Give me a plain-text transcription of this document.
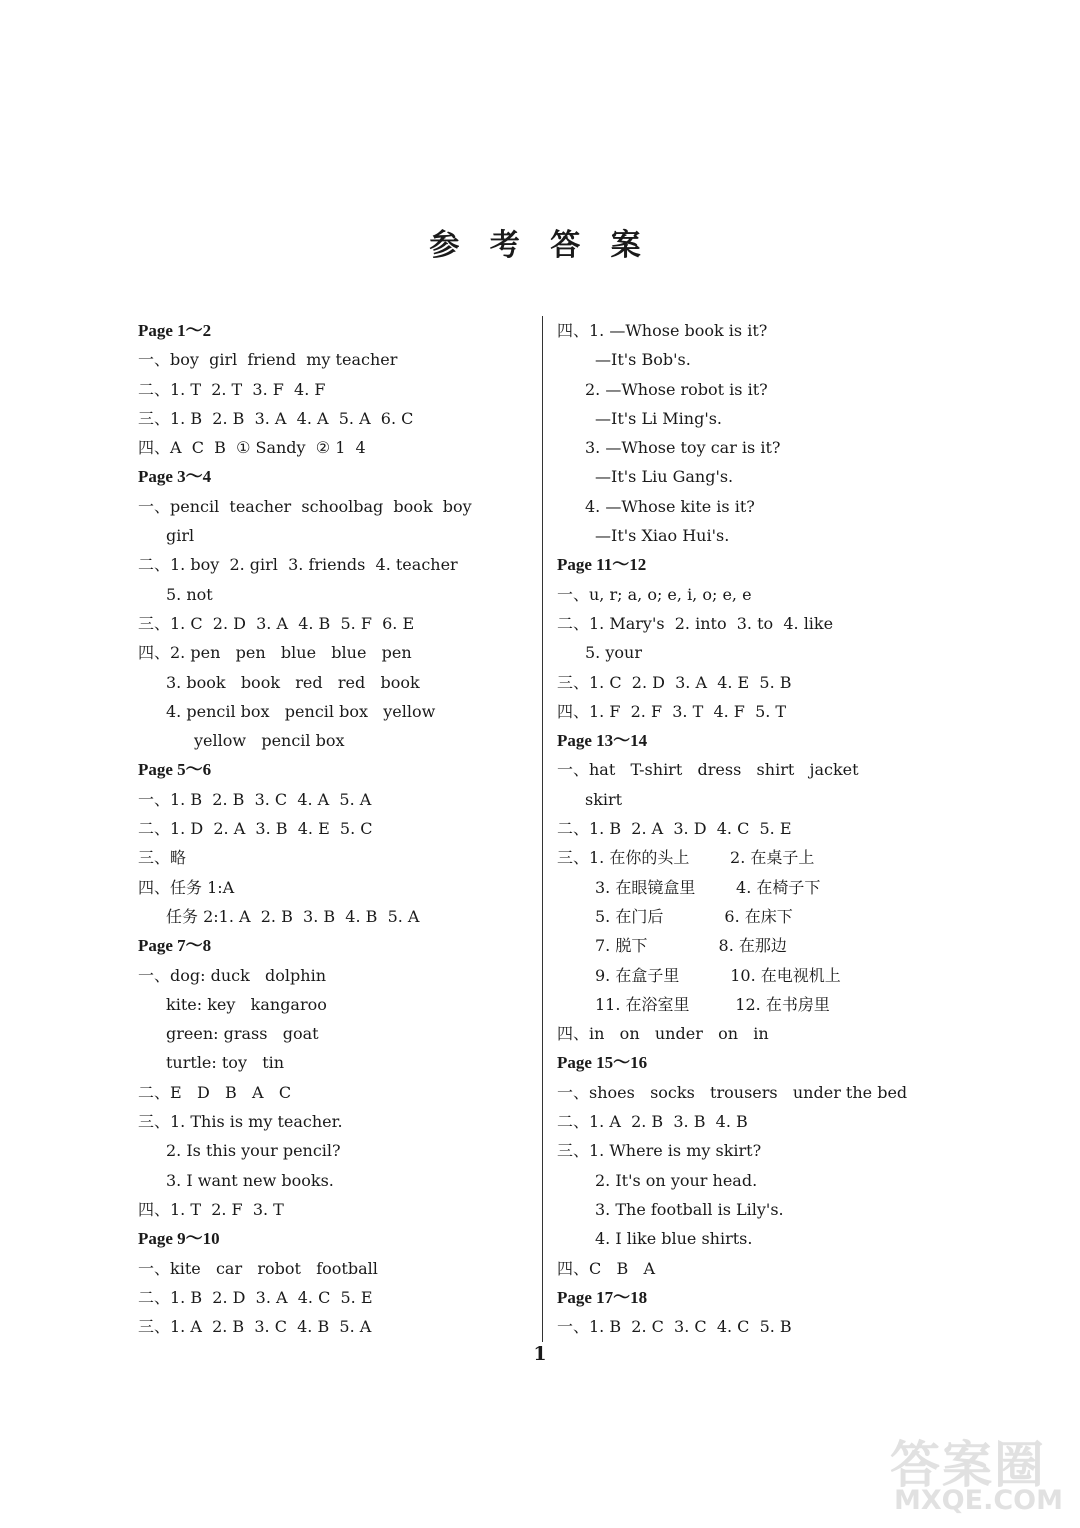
参 考 答 案
Page 1～2
一、boy  girl  friend  my teacher
二、1. T  2. T  3. F  4. F
三、1. B  2. B  3. A  4. A  5. A  6. C
四、A  C  B  ① Sandy  ② 1  4
Page 3～4
一、pencil  teacher  schoolbag  book  boy
girl
二、1. boy  2. girl  3. friends  4. teacher
5. not
三、1. C  2. D  3. A  4. B  5. F  6. E
四、2. pen   pen   blue   blue   pen
3. book   book   red   red   book
4. pencil box   pencil box   yellow
yellow   pencil box
Page 5～6
一、1. B  2. B  3. C  4. A  5. A
二、1. D  2. A  3. B  4. E  5. C
三、略
四、任务 1:A
任务 2:1. A  2. B  3. B  4. B  5. A
Page 7～8
一、dog: duck   dolphin
kite: key   kangaroo
green: grass   goat
turtle: toy   tin
二、E   D   B   A   C
三、1. This is my teacher.
2. Is this your pencil?
3. I want new books.
四、1. T  2. F  3. T
Page 9～10
一、kite   car   robot   football
二、1. B  2. D  3. A  4. C  5. E
三、1. A  2. B  3. C  4. B  5. A
四、1. —Whose book is it?
—It's Bob's.
2. —Whose robot is it?
—It's Li Ming's.
3. —Whose toy car is it?
—It's Liu Gang's.
4. —Whose kite is it?
—It's Xiao Hui's.
Page 11～12
一、u, r; a, o; e, i, o; e, e
二、1. Mary's  2. into  3. to  4. like
5. your
三、1. C  2. D  3. A  4. E  5. B
四、1. F  2. F  3. T  4. F  5. T
Page 13～14
一、hat   T-shirt   dress   shirt   jacket
skirt
二、1. B  2. A  3. D  4. C  5. E
三、1. 在你的头上        2. 在桌子上
3. 在眼镜盒里        4. 在椅子下
5. 在门后            6. 在床下
7. 脱下              8. 在那边
9. 在盒子里          10. 在电视机上
11. 在浴室里         12. 在书房里
四、in   on   under   on   in
Page 15～16
一、shoes   socks   trousers   under the bed
二、1. A  2. B  3. B  4. B
三、1. Where is my skirt?
2. It's on your head.
3. The football is Lily's.
4. I like blue shirts.
四、C   B   A
Page 17～18
一、1. B  2. C  3. C  4. C  5. B
1
答案圈
MXQE.COM
